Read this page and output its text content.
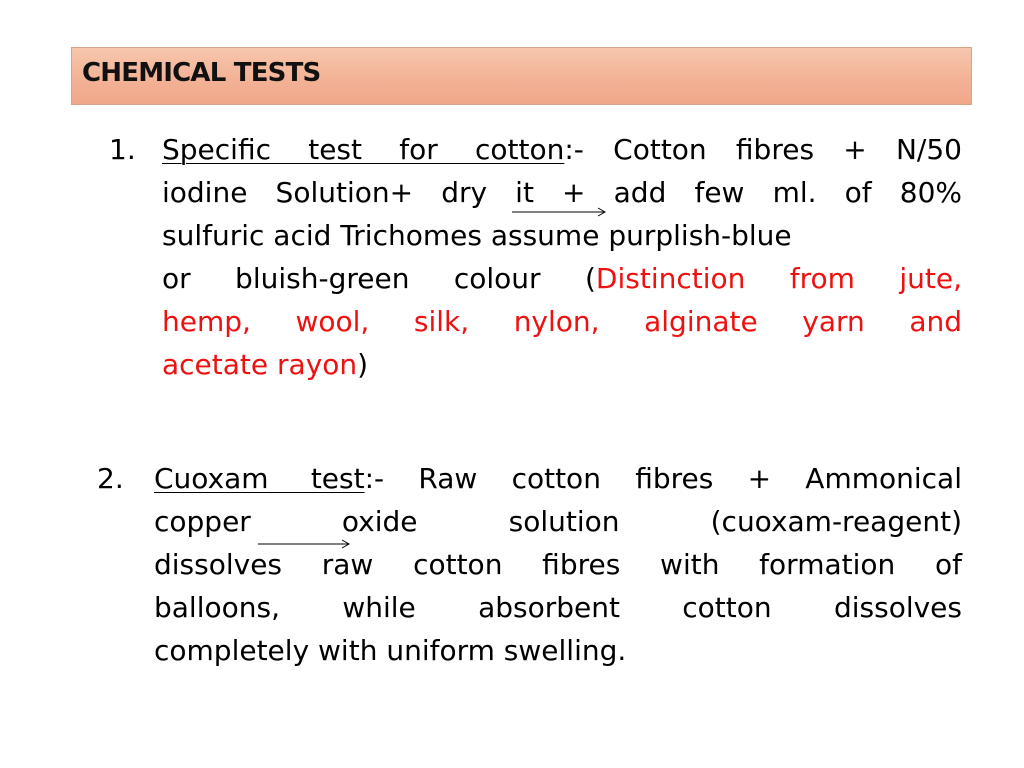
CHEMICAL TESTS
1. Specific test for cotton:- Cotton fibres + N/50
iodine Solution+ dry it + add few ml. of 80%
sulfuric acid Trichomes assume purplish-blue
or bluish-green colour (Distinction from jute,
hemp, wool, silk, nylon, alginate yarn and
acetate rayon)
2. Cuoxam test:- Raw cotton fibres + Ammonical
copper oxide solution (cuoxam-reagent)
dissolves raw cotton fibres with formation of
balloons, while absorbent cotton dissolves
completely with uniform swelling.
